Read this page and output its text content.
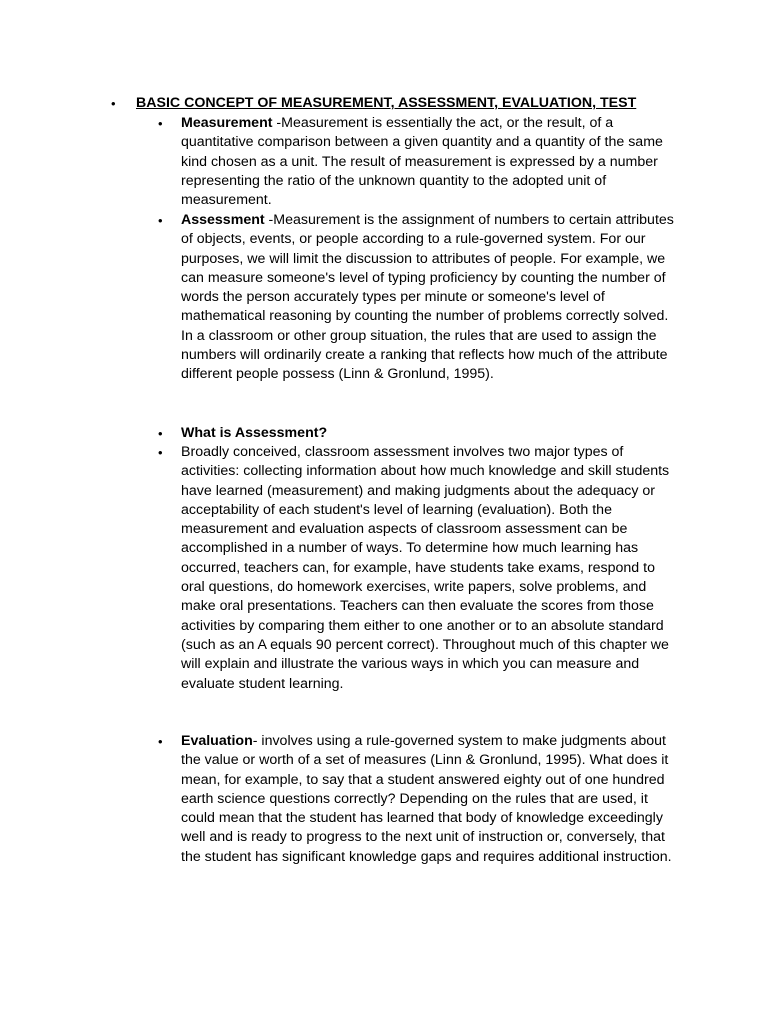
• BASIC CONCEPT OF MEASUREMENT, ASSESSMENT, EVALUATION, TEST
• Measurement -Measurement is essentially the act, or the result, of a quantitative comparison between a given quantity and a quantity of the same kind chosen as a unit. The result of measurement is expressed by a number representing the ratio of the unknown quantity to the adopted unit of measurement.
• Assessment -Measurement is the assignment of numbers to certain attributes of objects, events, or people according to a rule-governed system. For our purposes, we will limit the discussion to attributes of people. For example, we can measure someone's level of typing proficiency by counting the number of words the person accurately types per minute or someone's level of mathematical reasoning by counting the number of problems correctly solved. In a classroom or other group situation, the rules that are used to assign the numbers will ordinarily create a ranking that reflects how much of the attribute different people possess (Linn & Gronlund, 1995).
• What is Assessment?
• Broadly conceived, classroom assessment involves two major types of activities: collecting information about how much knowledge and skill students have learned (measurement) and making judgments about the adequacy or acceptability of each student's level of learning (evaluation). Both the measurement and evaluation aspects of classroom assessment can be accomplished in a number of ways. To determine how much learning has occurred, teachers can, for example, have students take exams, respond to oral questions, do homework exercises, write papers, solve problems, and make oral presentations. Teachers can then evaluate the scores from those activities by comparing them either to one another or to an absolute standard (such as an A equals 90 percent correct). Throughout much of this chapter we will explain and illustrate the various ways in which you can measure and evaluate student learning.
• Evaluation- involves using a rule-governed system to make judgments about the value or worth of a set of measures (Linn & Gronlund, 1995). What does it mean, for example, to say that a student answered eighty out of one hundred earth science questions correctly? Depending on the rules that are used, it could mean that the student has learned that body of knowledge exceedingly well and is ready to progress to the next unit of instruction or, conversely, that the student has significant knowledge gaps and requires additional instruction.
